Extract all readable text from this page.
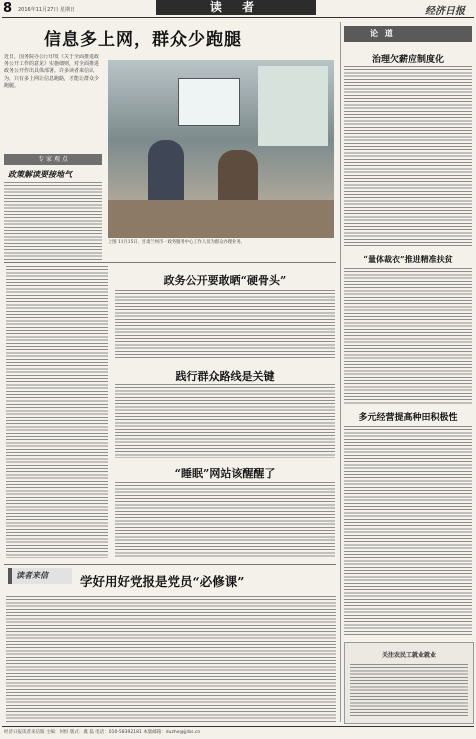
8 2016年11月27日 星期日	读 者	经济日报
信息多上网，群众少跑腿
近日，国务院办公厅印发《关于全面推进政务公开工作的意见》实施细则，对全面推进政务公开作出具体部署。许多读者来信认为，只有多上网让信息跑路，才能让群众少跑腿。
专 家 观 点
政策解读要接地气
上图 11月15日，甘肃兰州市一政务服务中心工作人员为群众办理业务。
政务公开要敢晒“硬骨头”
践行群众路线是关键
“睡眠”网站该醒醒了
读者来信	学好用好党报是党员“必修课”
论 道
治理欠薪应制度化
“量体裁衣”推进精准扶贫
多元经营提高种田积极性
关注农民工就业就业
经济日报读者来信版 主编：何恒 版式：冀 磊 电话：010-58392181 本版邮箱：duzhe@jjrbs.cn
